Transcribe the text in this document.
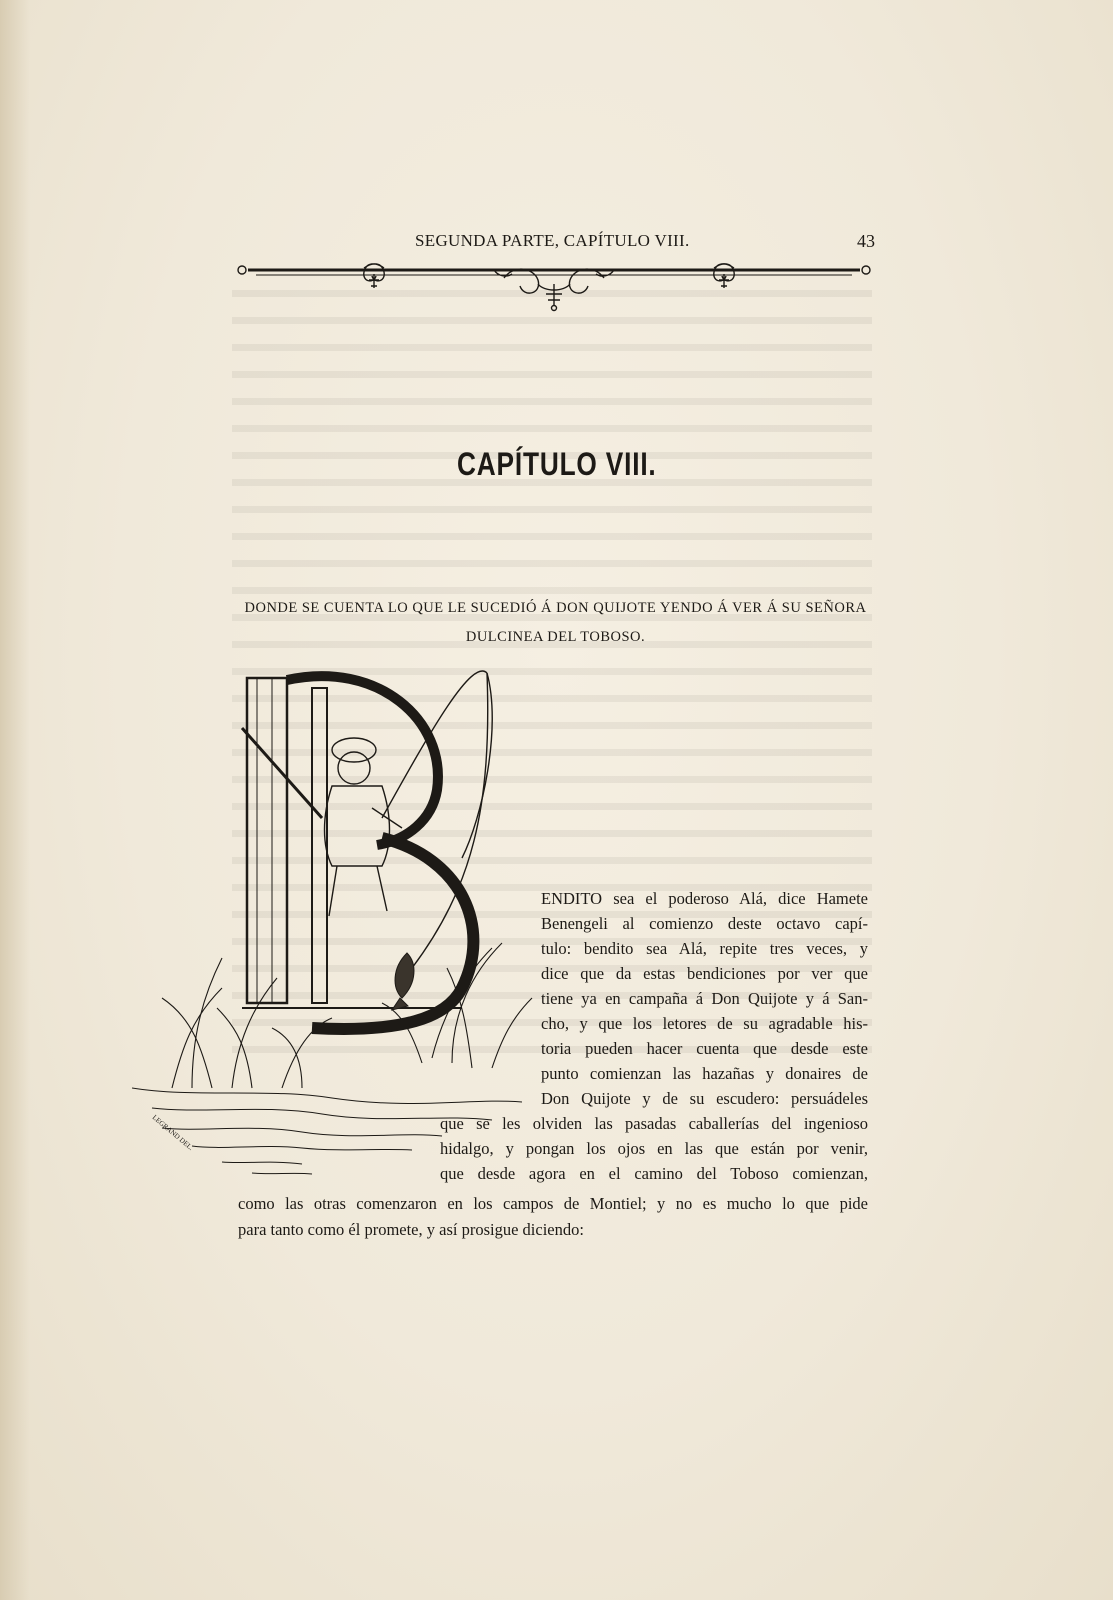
SEGUNDA PARTE, CAPÍTULO VIII.	43
CAPÍTULO VIII.
DONDE SE CUENTA LO QUE LE SUCEDIÓ Á DON QUIJOTE YENDO Á VER Á SU SEÑORA
DULCINEA DEL TOBOSO.
LEGRAND DEL.
ENDITO sea el poderoso Alá, dice Hamete
Benengeli al comienzo deste octavo capí-
tulo: bendito sea Alá, repite tres veces, y
dice que da estas bendiciones por ver que
tiene ya en campaña á Don Quijote y á San-
cho, y que los letores de su agradable his-
toria pueden hacer cuenta que desde este
punto comienzan las hazañas y donaires de
Don Quijote y de su escudero: persuádeles
que se les olviden las pasadas caballerías del ingenioso
hidalgo, y pongan los ojos en las que están por venir,
que desde agora en el camino del Toboso comienzan,
como las otras comenzaron en los campos de Montiel; y no es mucho lo que pide
para tanto como él promete, y así prosigue diciendo:
